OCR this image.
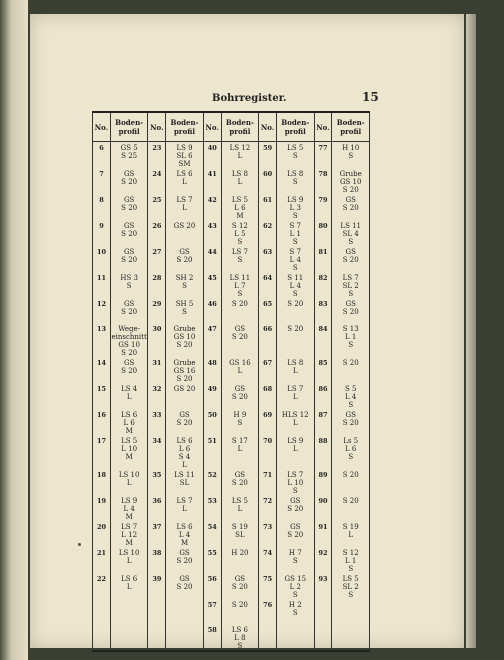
Bohrregister.	15
No.	Boden-
profil	No.	Boden-
profil	No.	Boden-
profil	No.	Boden-
profil	No.	Boden-
profil

6	GS 5
S 25	23	LS 9
SL 6
SM	40	LS 12
L	59	LS 5
S	77	H 10
S

7	GS
S 20	24	LS 6
L	41	LS 8
L	60	LS 8
S	78	Grube
GS 10
S 20

8	GS
S 20	25	LS 7
L	42	LS 5
L 6
M	61	LS 9
L 3
S	79	GS
S 20

9	GS
S 20	26	GS 20	43	S 12
L 5
S	62	S 7
L 1
S	80	LS 11
SL 4
S

10	GS
S 20	27	GS
S 20	44	LS 7
S	63	S 7
L 4
S	81	GS
S 20

11	HS 3
S	28	SH 2
S	45	LS 11
L 7
S	64	S 11
L 4
S	82	LS 7
SL 2
S

12	GS
S 20	29	SH 5
S	46	S 20	65	S 20	83	GS
S 20

13	Wege-
einschnitt
GS 10
S 20	30	Grube
GS 10
S 20	47	GS
S 20	66	S 20	84	S 13
L 1
S

14	GS
S 20	31	Grube
GS 16
S 20	48	GS 16
L	67	LS 8
L	85	S 20

15	LS 4
L	32	GS 20	49	GS
S 20	68	LS 7
L	86	S 5
L 4
S

16	LS 6
L 6
M	33	GS
S 20	50	H 9
S	69	HLS 12
L	87	GS
S 20

17	LS 5
L 10
M	34	LS 6
L 6
S 4
L	51	S 17
L	70	LS 9
L	88	Ls 5
L 6
S

18	LS 10
L	35	LS 11
SL	52	GS
S 20	71	LS 7
L 10
S	89	S 20

19	LS 9
L 4
M	36	LS 7
L	53	LS 5
L	72	GS
S 20	90	S 20

20	LS 7
L 12
M	37	LS 6
L 4
M	54	S 19
SL	73	GS
S 20	91	S 19
L

21	LS 10
L	38	GS
S 20	55	H 20	74	H 7
S	92	S 12
L 1
S

22	LS 6
L	39	GS
S 20	56	GS
S 20	75	GS 15
L 2
S	93	LS 5
SL 2
S

				57	S 20	76	H 2
S		

				58	LS 6
L 8
S				
